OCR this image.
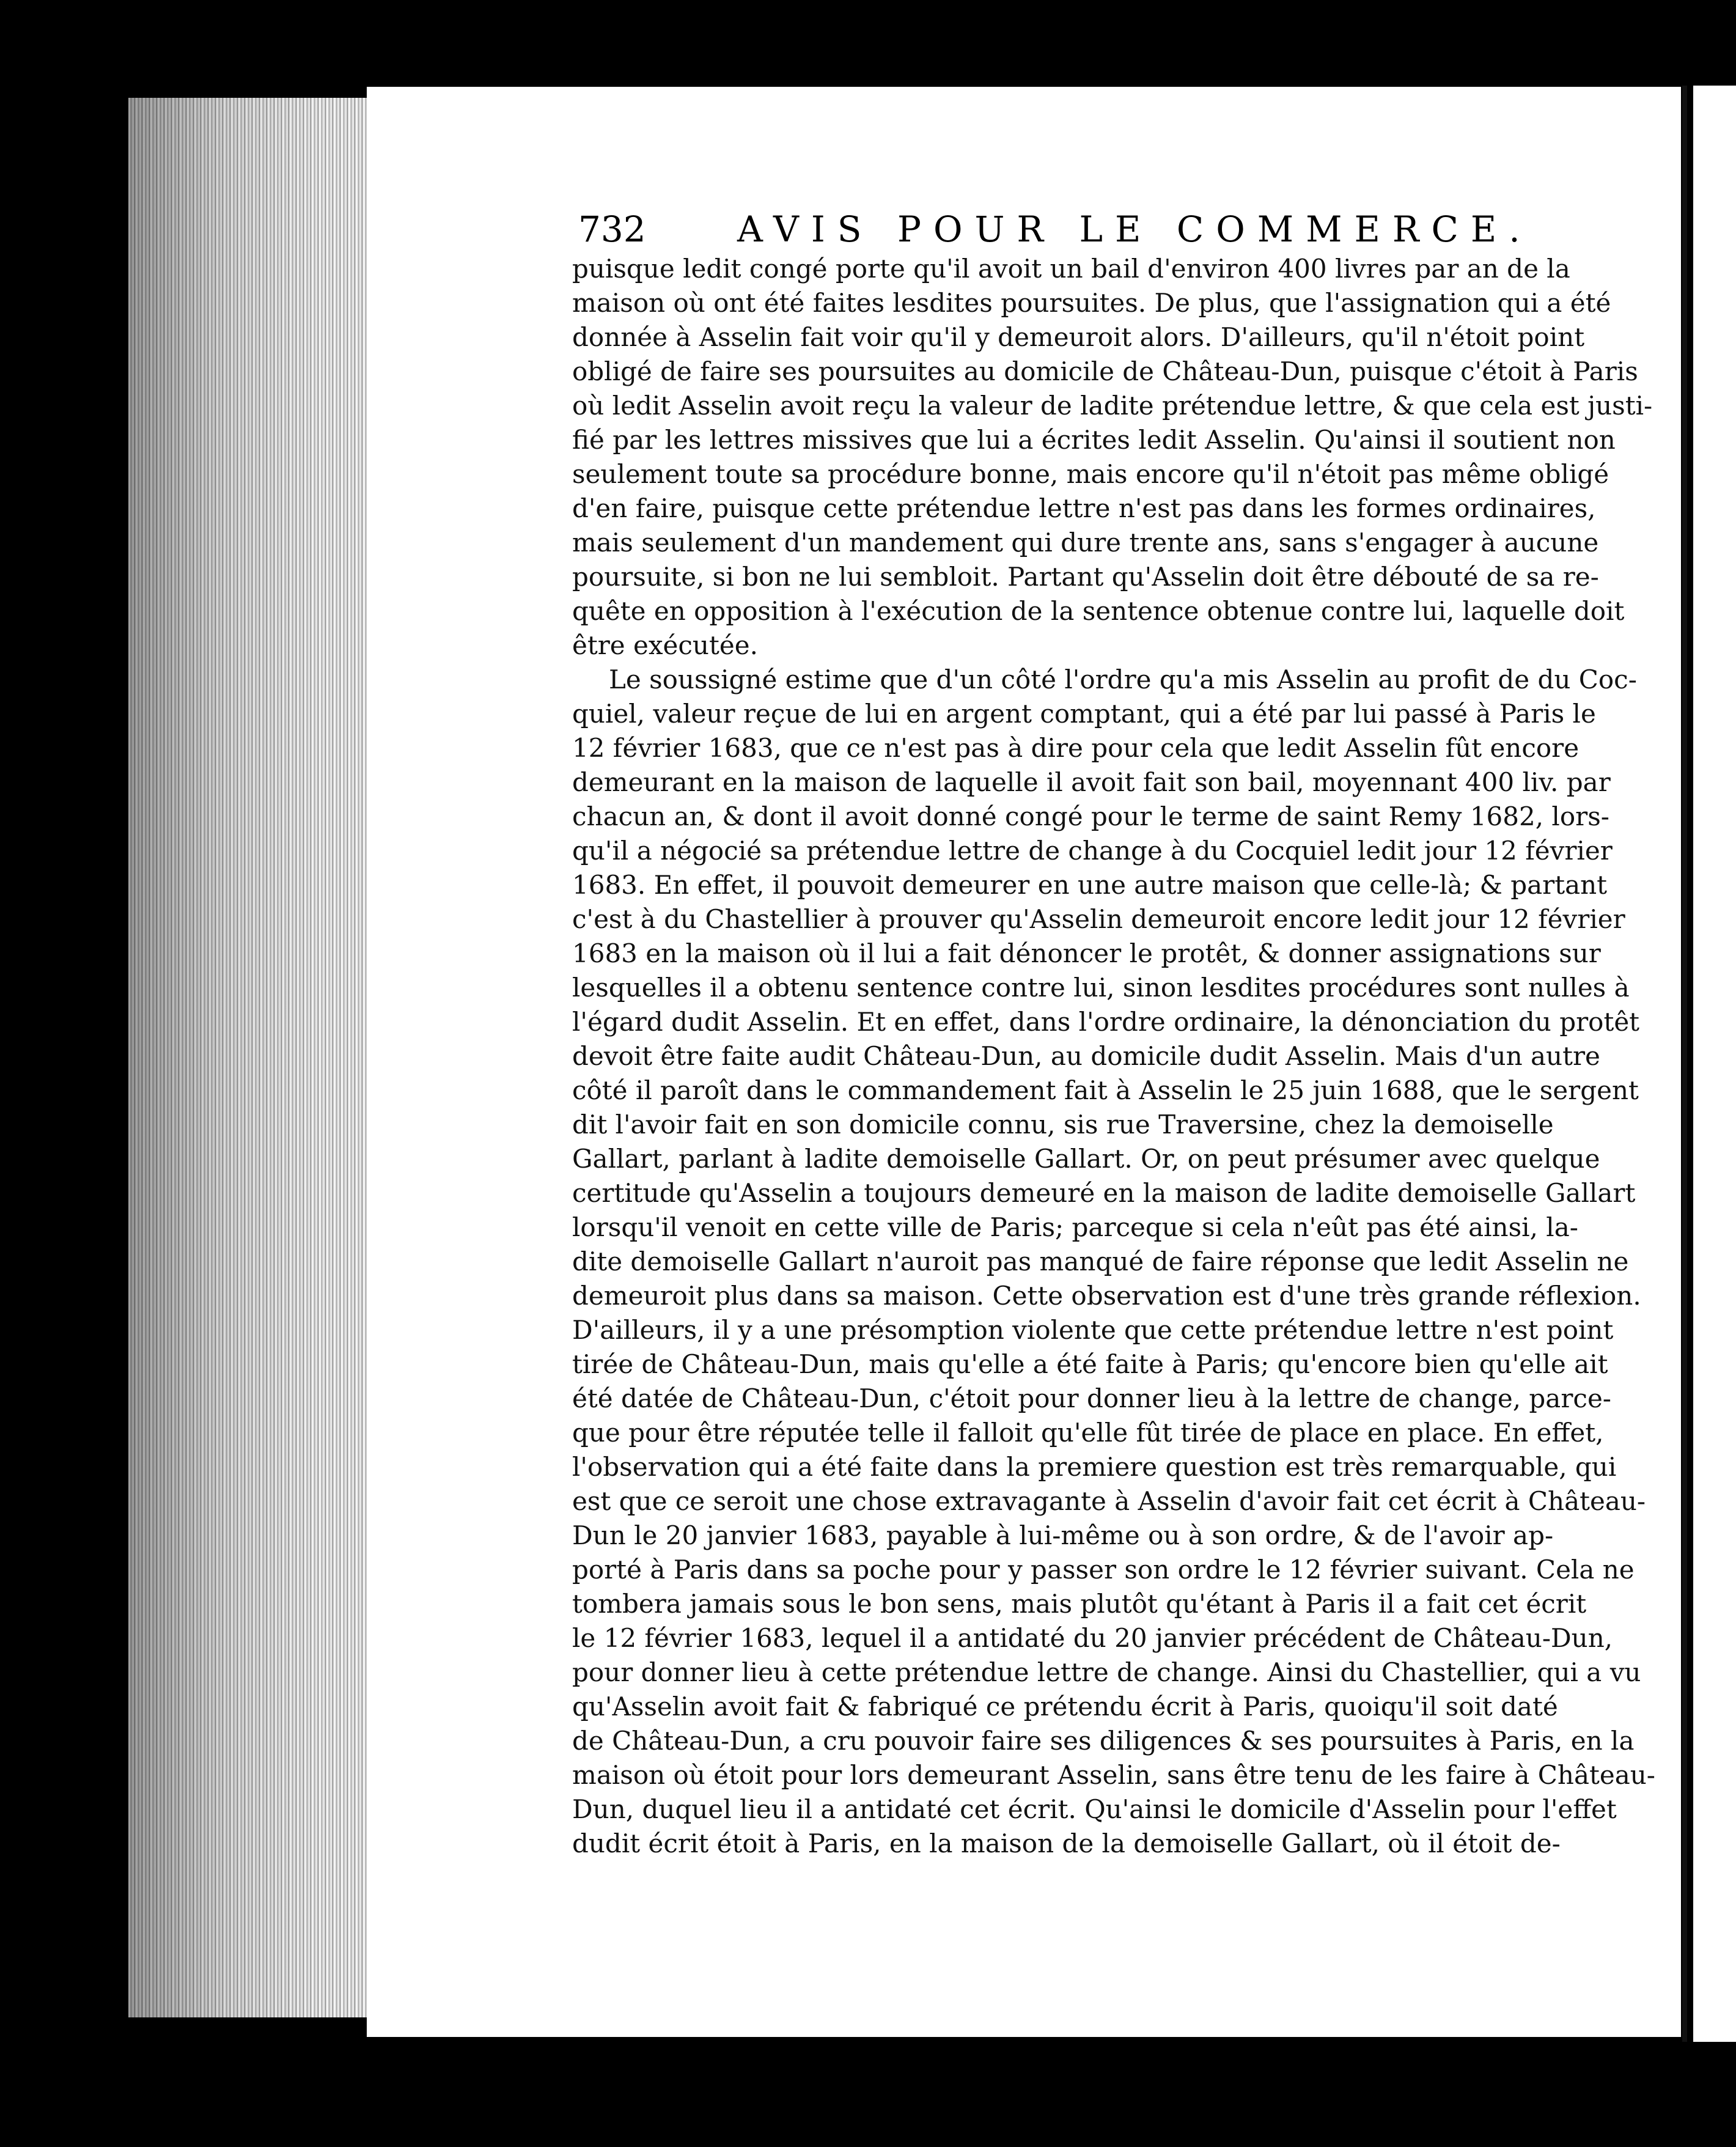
732	AVIS POUR LE COMMERCE.
puisque ledit congé porte qu'il avoit un bail d'environ 400 livres par an de la
maison où ont été faites lesdites poursuites. De plus, que l'assignation qui a été
donnée à Asselin fait voir qu'il y demeuroit alors. D'ailleurs, qu'il n'étoit point
obligé de faire ses poursuites au domicile de Château-Dun, puisque c'étoit à Paris
où ledit Asselin avoit reçu la valeur de ladite prétendue lettre, & que cela est justi-
fié par les lettres missives que lui a écrites ledit Asselin. Qu'ainsi il soutient non
seulement toute sa procédure bonne, mais encore qu'il n'étoit pas même obligé
d'en faire, puisque cette prétendue lettre n'est pas dans les formes ordinaires,
mais seulement d'un mandement qui dure trente ans, sans s'engager à aucune
poursuite, si bon ne lui sembloit. Partant qu'Asselin doit être débouté de sa re-
quête en opposition à l'exécution de la sentence obtenue contre lui, laquelle doit
être exécutée.
Le soussigné estime que d'un côté l'ordre qu'a mis Asselin au profit de du Coc-
quiel, valeur reçue de lui en argent comptant, qui a été par lui passé à Paris le
12 février 1683, que ce n'est pas à dire pour cela que ledit Asselin fût encore
demeurant en la maison de laquelle il avoit fait son bail, moyennant 400 liv. par
chacun an, & dont il avoit donné congé pour le terme de saint Remy 1682, lors-
qu'il a négocié sa prétendue lettre de change à du Cocquiel ledit jour 12 février
1683. En effet, il pouvoit demeurer en une autre maison que celle-là; & partant
c'est à du Chastellier à prouver qu'Asselin demeuroit encore ledit jour 12 février
1683 en la maison où il lui a fait dénoncer le protêt, & donner assignations sur
lesquelles il a obtenu sentence contre lui, sinon lesdites procédures sont nulles à
l'égard dudit Asselin. Et en effet, dans l'ordre ordinaire, la dénonciation du protêt
devoit être faite audit Château-Dun, au domicile dudit Asselin. Mais d'un autre
côté il paroît dans le commandement fait à Asselin le 25 juin 1688, que le sergent
dit l'avoir fait en son domicile connu, sis rue Traversine, chez la demoiselle
Gallart, parlant à ladite demoiselle Gallart. Or, on peut présumer avec quelque
certitude qu'Asselin a toujours demeuré en la maison de ladite demoiselle Gallart
lorsqu'il venoit en cette ville de Paris; parceque si cela n'eût pas été ainsi, la-
dite demoiselle Gallart n'auroit pas manqué de faire réponse que ledit Asselin ne
demeuroit plus dans sa maison. Cette observation est d'une très grande réflexion.
D'ailleurs, il y a une présomption violente que cette prétendue lettre n'est point
tirée de Château-Dun, mais qu'elle a été faite à Paris; qu'encore bien qu'elle ait
été datée de Château-Dun, c'étoit pour donner lieu à la lettre de change, parce-
que pour être réputée telle il falloit qu'elle fût tirée de place en place. En effet,
l'observation qui a été faite dans la premiere question est très remarquable, qui
est que ce seroit une chose extravagante à Asselin d'avoir fait cet écrit à Château-
Dun le 20 janvier 1683, payable à lui-même ou à son ordre, & de l'avoir ap-
porté à Paris dans sa poche pour y passer son ordre le 12 février suivant. Cela ne
tombera jamais sous le bon sens, mais plutôt qu'étant à Paris il a fait cet écrit
le 12 février 1683, lequel il a antidaté du 20 janvier précédent de Château-Dun,
pour donner lieu à cette prétendue lettre de change. Ainsi du Chastellier, qui a vu
qu'Asselin avoit fait & fabriqué ce prétendu écrit à Paris, quoiqu'il soit daté
de Château-Dun, a cru pouvoir faire ses diligences & ses poursuites à Paris, en la
maison où étoit pour lors demeurant Asselin, sans être tenu de les faire à Château-
Dun, duquel lieu il a antidaté cet écrit. Qu'ainsi le domicile d'Asselin pour l'effet
dudit écrit étoit à Paris, en la maison de la demoiselle Gallart, où il étoit de-
